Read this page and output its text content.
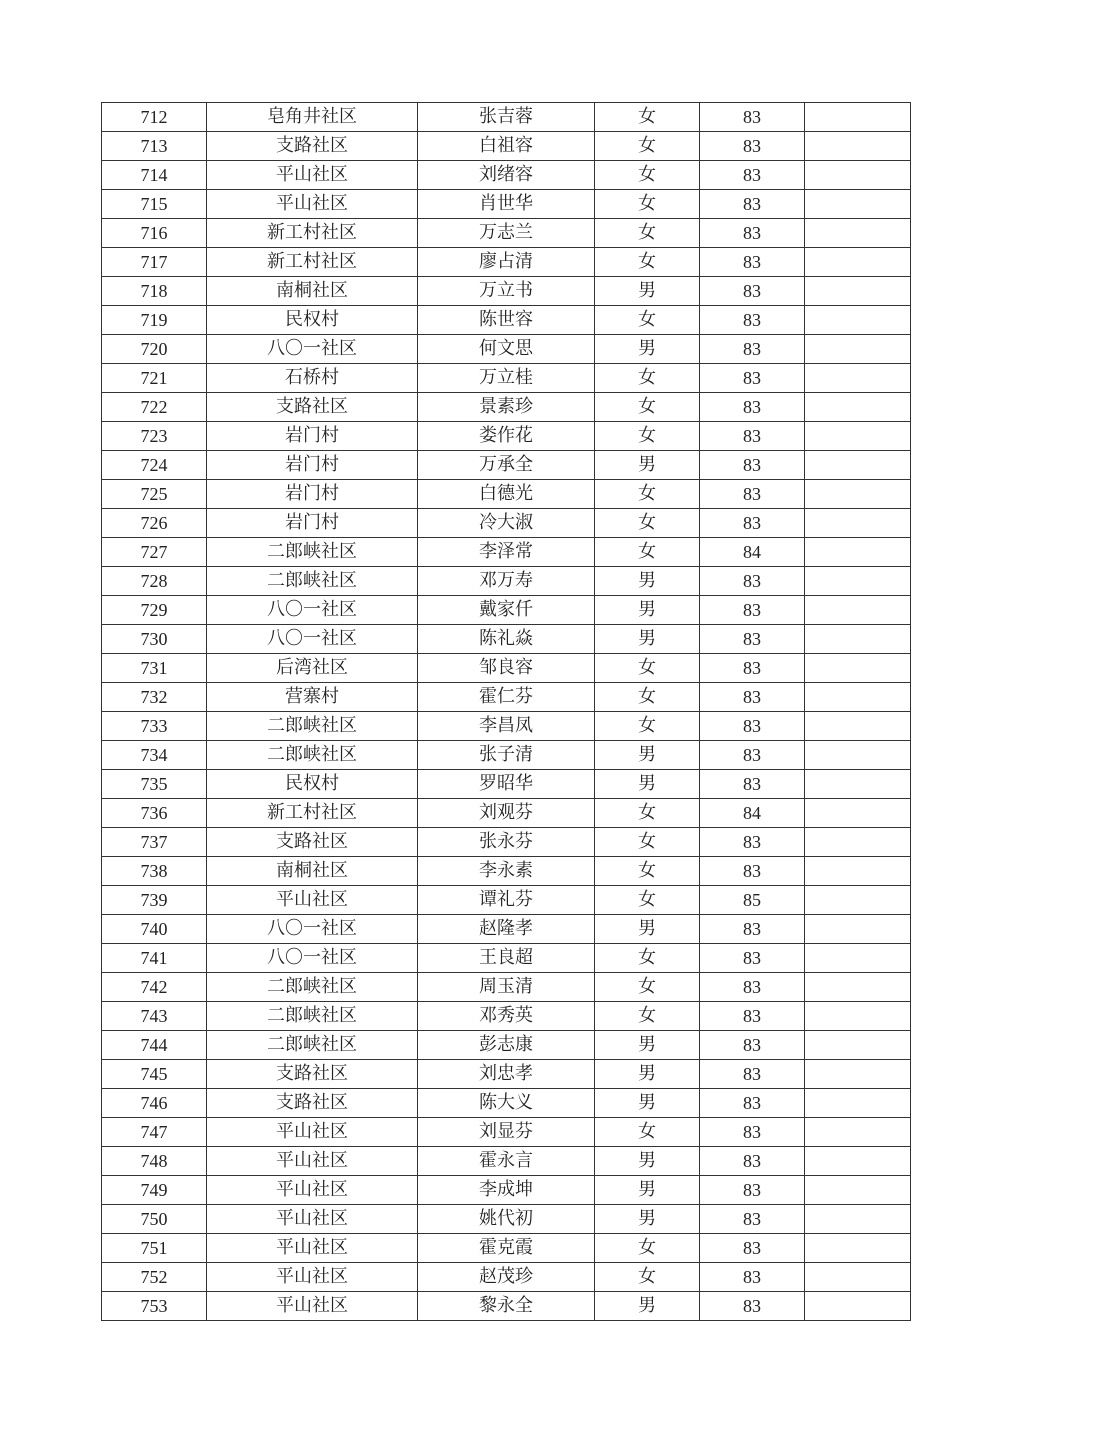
712	皂角井社区	张吉蓉	女	83	
713	支路社区	白祖容	女	83	
714	平山社区	刘绪容	女	83	
715	平山社区	肖世华	女	83	
716	新工村社区	万志兰	女	83	
717	新工村社区	廖占清	女	83	
718	南桐社区	万立书	男	83	
719	民权村	陈世容	女	83	
720	八〇一社区	何文思	男	83	
721	石桥村	万立桂	女	83	
722	支路社区	景素珍	女	83	
723	岩门村	娄作花	女	83	
724	岩门村	万承全	男	83	
725	岩门村	白德光	女	83	
726	岩门村	冷大淑	女	83	
727	二郎峡社区	李泽常	女	84	
728	二郎峡社区	邓万寿	男	83	
729	八〇一社区	戴家仟	男	83	
730	八〇一社区	陈礼焱	男	83	
731	后湾社区	邹良容	女	83	
732	营寨村	霍仁芬	女	83	
733	二郎峡社区	李昌凤	女	83	
734	二郎峡社区	张子清	男	83	
735	民权村	罗昭华	男	83	
736	新工村社区	刘观芬	女	84	
737	支路社区	张永芬	女	83	
738	南桐社区	李永素	女	83	
739	平山社区	谭礼芬	女	85	
740	八〇一社区	赵隆孝	男	83	
741	八〇一社区	王良超	女	83	
742	二郎峡社区	周玉清	女	83	
743	二郎峡社区	邓秀英	女	83	
744	二郎峡社区	彭志康	男	83	
745	支路社区	刘忠孝	男	83	
746	支路社区	陈大义	男	83	
747	平山社区	刘显芬	女	83	
748	平山社区	霍永言	男	83	
749	平山社区	李成坤	男	83	
750	平山社区	姚代初	男	83	
751	平山社区	霍克霞	女	83	
752	平山社区	赵茂珍	女	83	
753	平山社区	黎永全	男	83	
